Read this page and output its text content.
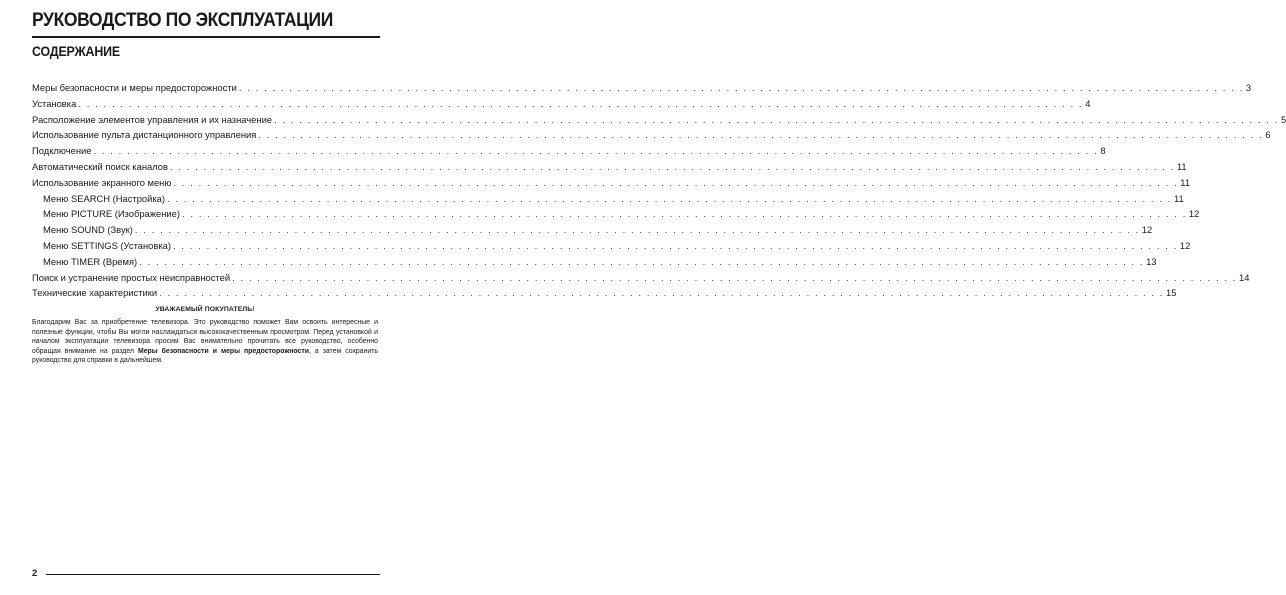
РУКОВОДСТВО ПО ЭКСПЛУАТАЦИИ
СОДЕРЖАНИЕ
Меры безопасности и меры предосторожности . . . . . . . . . . . . . . . . . . . . . . . . . . . . . . . . . . . . . . . . . . . . . . . . . . . . . . . . . . . . . . . . . . . . . . . . . . . . . . . . . . . . . . . . . . . . . . . . . . . . . . . . . . . . . . . . . . . . . . . . 3
Установка . . . . . . . . . . . . . . . . . . . . . . . . . . . . . . . . . . . . . . . . . . . . . . . . . . . . . . . . . . . . . . . . . . . . . . . . . . . . . . . . . . . . . . . . . . . . . . . . . . . . . . . . . . . . . . . . . . . . . . . . 4
Расположение элементов управления и их назначение . . . . . . . . . . . . . . . . . . . . . . . . . . . . . . . . . . . . . . . . . . . . . . . . . . . . . . . . . . . . . . . . . . . . . . . . . . . . . . . . . . . . . . . . . . . . . . . . . . . . . . . . . . . . . . . . . . . . . . . . 5
Использование пульта дистанционного управления . . . . . . . . . . . . . . . . . . . . . . . . . . . . . . . . . . . . . . . . . . . . . . . . . . . . . . . . . . . . . . . . . . . . . . . . . . . . . . . . . . . . . . . . . . . . . . . . . . . . . . . . . . . . . . . . . . . . . . . . 6
Подключение . . . . . . . . . . . . . . . . . . . . . . . . . . . . . . . . . . . . . . . . . . . . . . . . . . . . . . . . . . . . . . . . . . . . . . . . . . . . . . . . . . . . . . . . . . . . . . . . . . . . . . . . . . . . . . . . . . . . . . . . 8
Автоматический поиск каналов . . . . . . . . . . . . . . . . . . . . . . . . . . . . . . . . . . . . . . . . . . . . . . . . . . . . . . . . . . . . . . . . . . . . . . . . . . . . . . . . . . . . . . . . . . . . . . . . . . . . . . . . . . . . . . . . . . . . . . . . 11
Использование экранного меню . . . . . . . . . . . . . . . . . . . . . . . . . . . . . . . . . . . . . . . . . . . . . . . . . . . . . . . . . . . . . . . . . . . . . . . . . . . . . . . . . . . . . . . . . . . . . . . . . . . . . . . . . . . . . . . . . . . . . . . . 11
Меню SEARCH (Настройка) . . . . . . . . . . . . . . . . . . . . . . . . . . . . . . . . . . . . . . . . . . . . . . . . . . . . . . . . . . . . . . . . . . . . . . . . . . . . . . . . . . . . . . . . . . . . . . . . . . . . . . . . . . . . . . . . . . . . . . . . 11
Меню PICTURE (Изображение) . . . . . . . . . . . . . . . . . . . . . . . . . . . . . . . . . . . . . . . . . . . . . . . . . . . . . . . . . . . . . . . . . . . . . . . . . . . . . . . . . . . . . . . . . . . . . . . . . . . . . . . . . . . . . . . . . . . . . . . . 12
Меню SOUND (Звук) . . . . . . . . . . . . . . . . . . . . . . . . . . . . . . . . . . . . . . . . . . . . . . . . . . . . . . . . . . . . . . . . . . . . . . . . . . . . . . . . . . . . . . . . . . . . . . . . . . . . . . . . . . . . . . . . . . . . . . . . 12
Меню SETTINGS (Установка) . . . . . . . . . . . . . . . . . . . . . . . . . . . . . . . . . . . . . . . . . . . . . . . . . . . . . . . . . . . . . . . . . . . . . . . . . . . . . . . . . . . . . . . . . . . . . . . . . . . . . . . . . . . . . . . . . . . . . . . . 12
Меню TIMER (Время) . . . . . . . . . . . . . . . . . . . . . . . . . . . . . . . . . . . . . . . . . . . . . . . . . . . . . . . . . . . . . . . . . . . . . . . . . . . . . . . . . . . . . . . . . . . . . . . . . . . . . . . . . . . . . . . . . . . . . . . . 13
Поиск и устранение простых неисправностей . . . . . . . . . . . . . . . . . . . . . . . . . . . . . . . . . . . . . . . . . . . . . . . . . . . . . . . . . . . . . . . . . . . . . . . . . . . . . . . . . . . . . . . . . . . . . . . . . . . . . . . . . . . . . . . . . . . . . . . . 14
Технические характеристики . . . . . . . . . . . . . . . . . . . . . . . . . . . . . . . . . . . . . . . . . . . . . . . . . . . . . . . . . . . . . . . . . . . . . . . . . . . . . . . . . . . . . . . . . . . . . . . . . . . . . . . . . . . . . . . . . . . . . . . . 15
УВАЖАЕМЫЙ ПОКУПАТЕЛЬ!
Благодарим Вас за приобретение телевизора. Это руководство поможет Вам освоить интересные и полезные функции, чтобы Вы могли наслаждаться высококачественным просмотром. Перед установкой и началом эксплуатации телевизора просим Вас внимательно прочитать все руководство, особенно обращая внимание на раздел Меры безопасности и меры предосторожности, а затем сохранить руководство для справки в дальнейшем.
2
